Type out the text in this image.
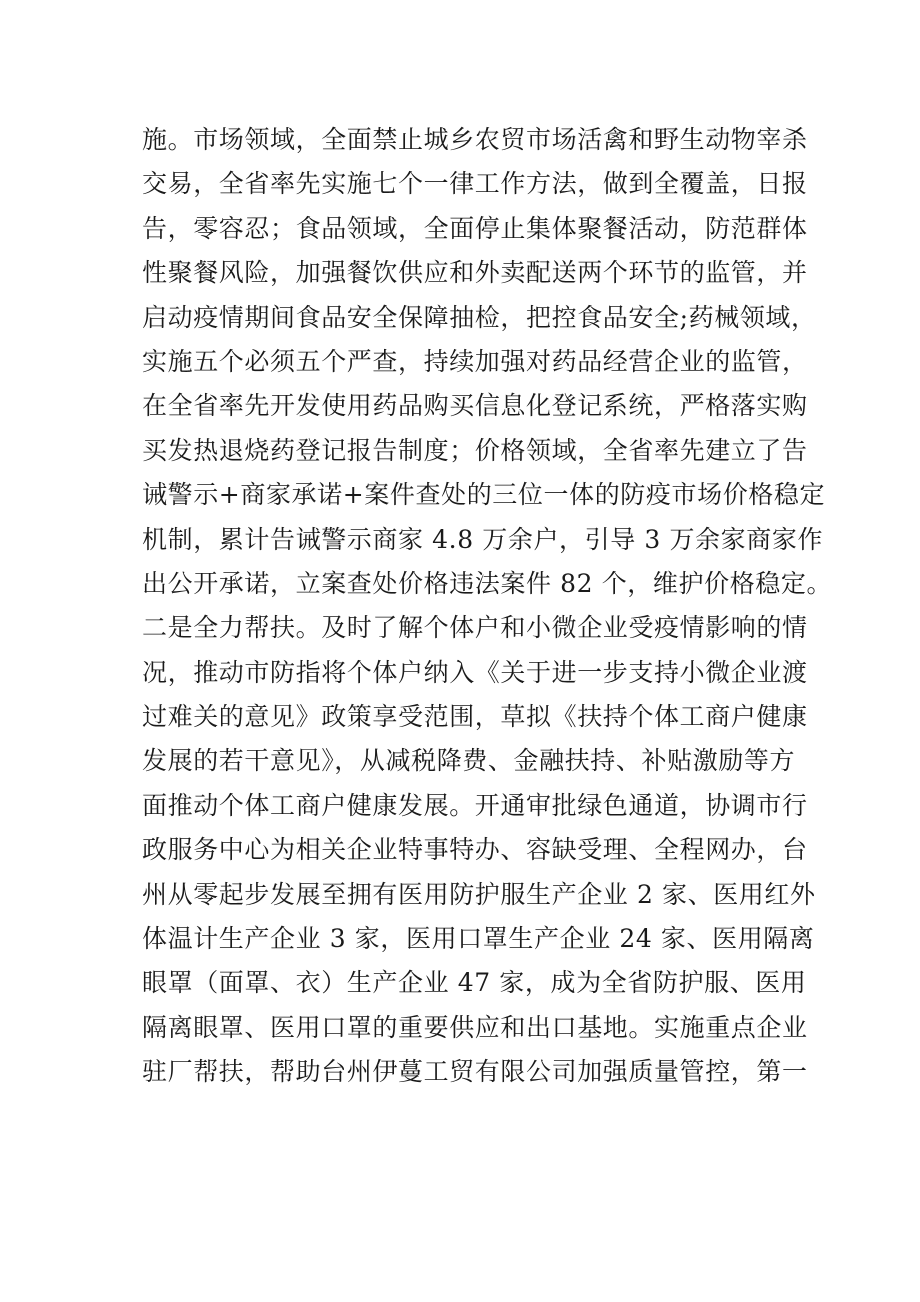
施。市场领域，全面禁止城乡农贸市场活禽和野生动物宰杀
交易，全省率先实施七个一律工作方法，做到全覆盖，日报
告，零容忍；食品领域，全面停止集体聚餐活动，防范群体
性聚餐风险，加强餐饮供应和外卖配送两个环节的监管，并
启动疫情期间食品安全保障抽检，把控食品安全;药械领域，
实施五个必须五个严查，持续加强对药品经营企业的监管，
在全省率先开发使用药品购买信息化登记系统，严格落实购
买发热退烧药登记报告制度；价格领域，全省率先建立了告
诫警示+商家承诺+案件查处的三位一体的防疫市场价格稳定
机制，累计告诫警示商家 4.8 万余户，引导 3 万余家商家作
出公开承诺，立案查处价格违法案件 82 个，维护价格稳定。
二是全力帮扶。及时了解个体户和小微企业受疫情影响的情
况，推动市防指将个体户纳入《关于进一步支持小微企业渡
过难关的意见》政策享受范围，草拟《扶持个体工商户健康
发展的若干意见》，从减税降费、金融扶持、补贴激励等方
面推动个体工商户健康发展。开通审批绿色通道，协调市行
政服务中心为相关企业特事特办、容缺受理、全程网办，台
州从零起步发展至拥有医用防护服生产企业 2 家、医用红外
体温计生产企业 3 家，医用口罩生产企业 24 家、医用隔离
眼罩（面罩、衣）生产企业 47 家，成为全省防护服、医用
隔离眼罩、医用口罩的重要供应和出口基地。实施重点企业
驻厂帮扶，帮助台州伊蔓工贸有限公司加强质量管控，第一
